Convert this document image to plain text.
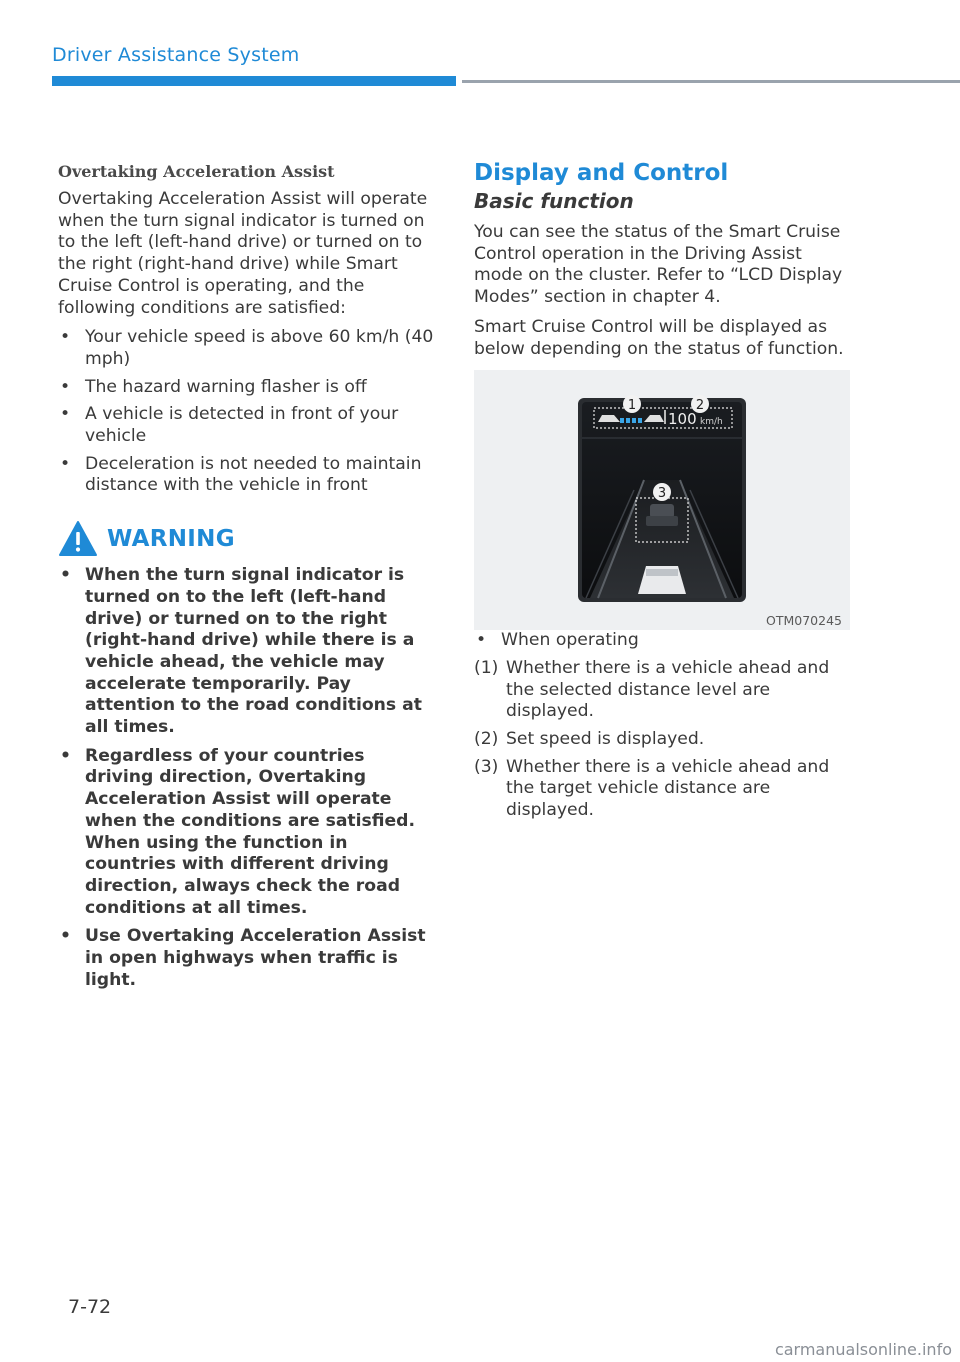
Driver Assistance System
Overtaking Acceleration Assist

Overtaking Acceleration Assist will operate when the turn signal indicator is turned on to the left (left-hand drive) or turned on to the right (right-hand drive) while Smart Cruise Control is operating, and the following conditions are satisfied:

• Your vehicle speed is above 60 km/h (40 mph)
• The hazard warning flasher is off
• A vehicle is detected in front of your vehicle
• Deceleration is not needed to maintain distance with the vehicle in front
WARNING
• When the turn signal indicator is turned on to the left (left-hand drive) or turned on to the right (right-hand drive) while there is a vehicle ahead, the vehicle may accelerate temporarily. Pay attention to the road conditions at all times.
• Regardless of your countries driving direction, Overtaking Acceleration Assist will operate when the conditions are satisfied. When using the function in countries with different driving direction, always check the road conditions at all times.
• Use Overtaking Acceleration Assist in open highways when traffic is light.
Display and Control
Basic function

You can see the status of the Smart Cruise Control operation in the Driving Assist mode on the cluster. Refer to “LCD Display Modes” section in chapter 4.

Smart Cruise Control will be displayed as below depending on the status of function.

100 km/h
1	2
3
OTM070245
• When operating
(1) Whether there is a vehicle ahead and the selected distance level are displayed.
(2) Set speed is displayed.
(3) Whether there is a vehicle ahead and the target vehicle distance are displayed.
7-72
carmanualsonline.info
